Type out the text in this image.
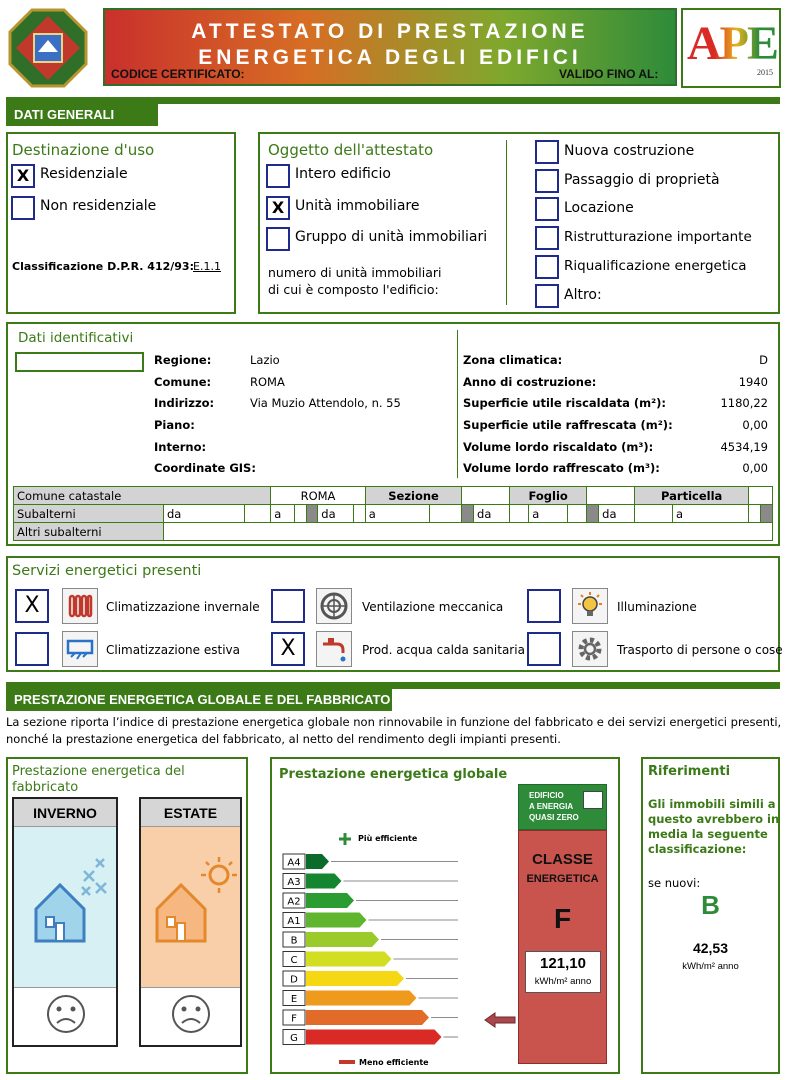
ATTESTATO DI PRESTAZIONE
ENERGETICA DEGLI EDIFICI
CODICE CERTIFICATO:	VALIDO FINO AL:
APE
2015
DATI GENERALI
Destinazione d'uso
X Residenziale
Non residenziale
Classificazione D.P.R. 412/93: E.1.1
Oggetto dell'attestato
Intero edificio
X Unità immobiliare
Gruppo di unità immobiliari
numero di unità immobiliari
di cui è composto l'edificio:
Nuova costruzione
Passaggio di proprietà
Locazione
Ristrutturazione importante
Riqualificazione energetica
Altro:
Dati identificativi
Regione:	Lazio
Comune:	ROMA
Indirizzo:	Via Muzio Attendolo, n. 55
Piano:
Interno:
Coordinate GIS:
Zona climatica:	D
Anno di costruzione:	1940
Superficie utile riscaldata (m²):	1180,22
Superficie utile raffrescata (m²):	0,00
Volume lordo riscaldato (m³):	4534,19
Volume lordo raffrescato (m³):	0,00
Comune catastale			ROMA					Sezione				Foglio					Particella			
Subalterni	da		a			da		a			da		a			da		a		
Altri subalterni																				
Servizi energetici presenti
X	Climatizzazione invernale	Ventilazione meccanica	Illuminazione
Climatizzazione estiva	X	Prod. acqua calda sanitaria	Trasporto di persone o cose
PRESTAZIONE ENERGETICA GLOBALE E DEL FABBRICATO
La sezione riporta l’indice di prestazione energetica globale non rinnovabile in funzione del fabbricato e dei servizi energetici presenti, nonché la prestazione energetica del fabbricato, al netto del rendimento degli impianti presenti.
Prestazione energetica del
fabbricato
INVERNO	ESTATE
Prestazione energetica globale
Più efficiente
A4
A3
A2
A1
B
C
D
E
F
G
Meno efficiente
EDIFICIO
A ENERGIA
QUASI ZERO
CLASSE
ENERGETICA
F
121,10
kWh/m² anno
Riferimenti
Gli immobili simili a
questo avrebbero in
media la seguente
classificazione:
se nuovi:
B
42,53
kWh/m² anno
